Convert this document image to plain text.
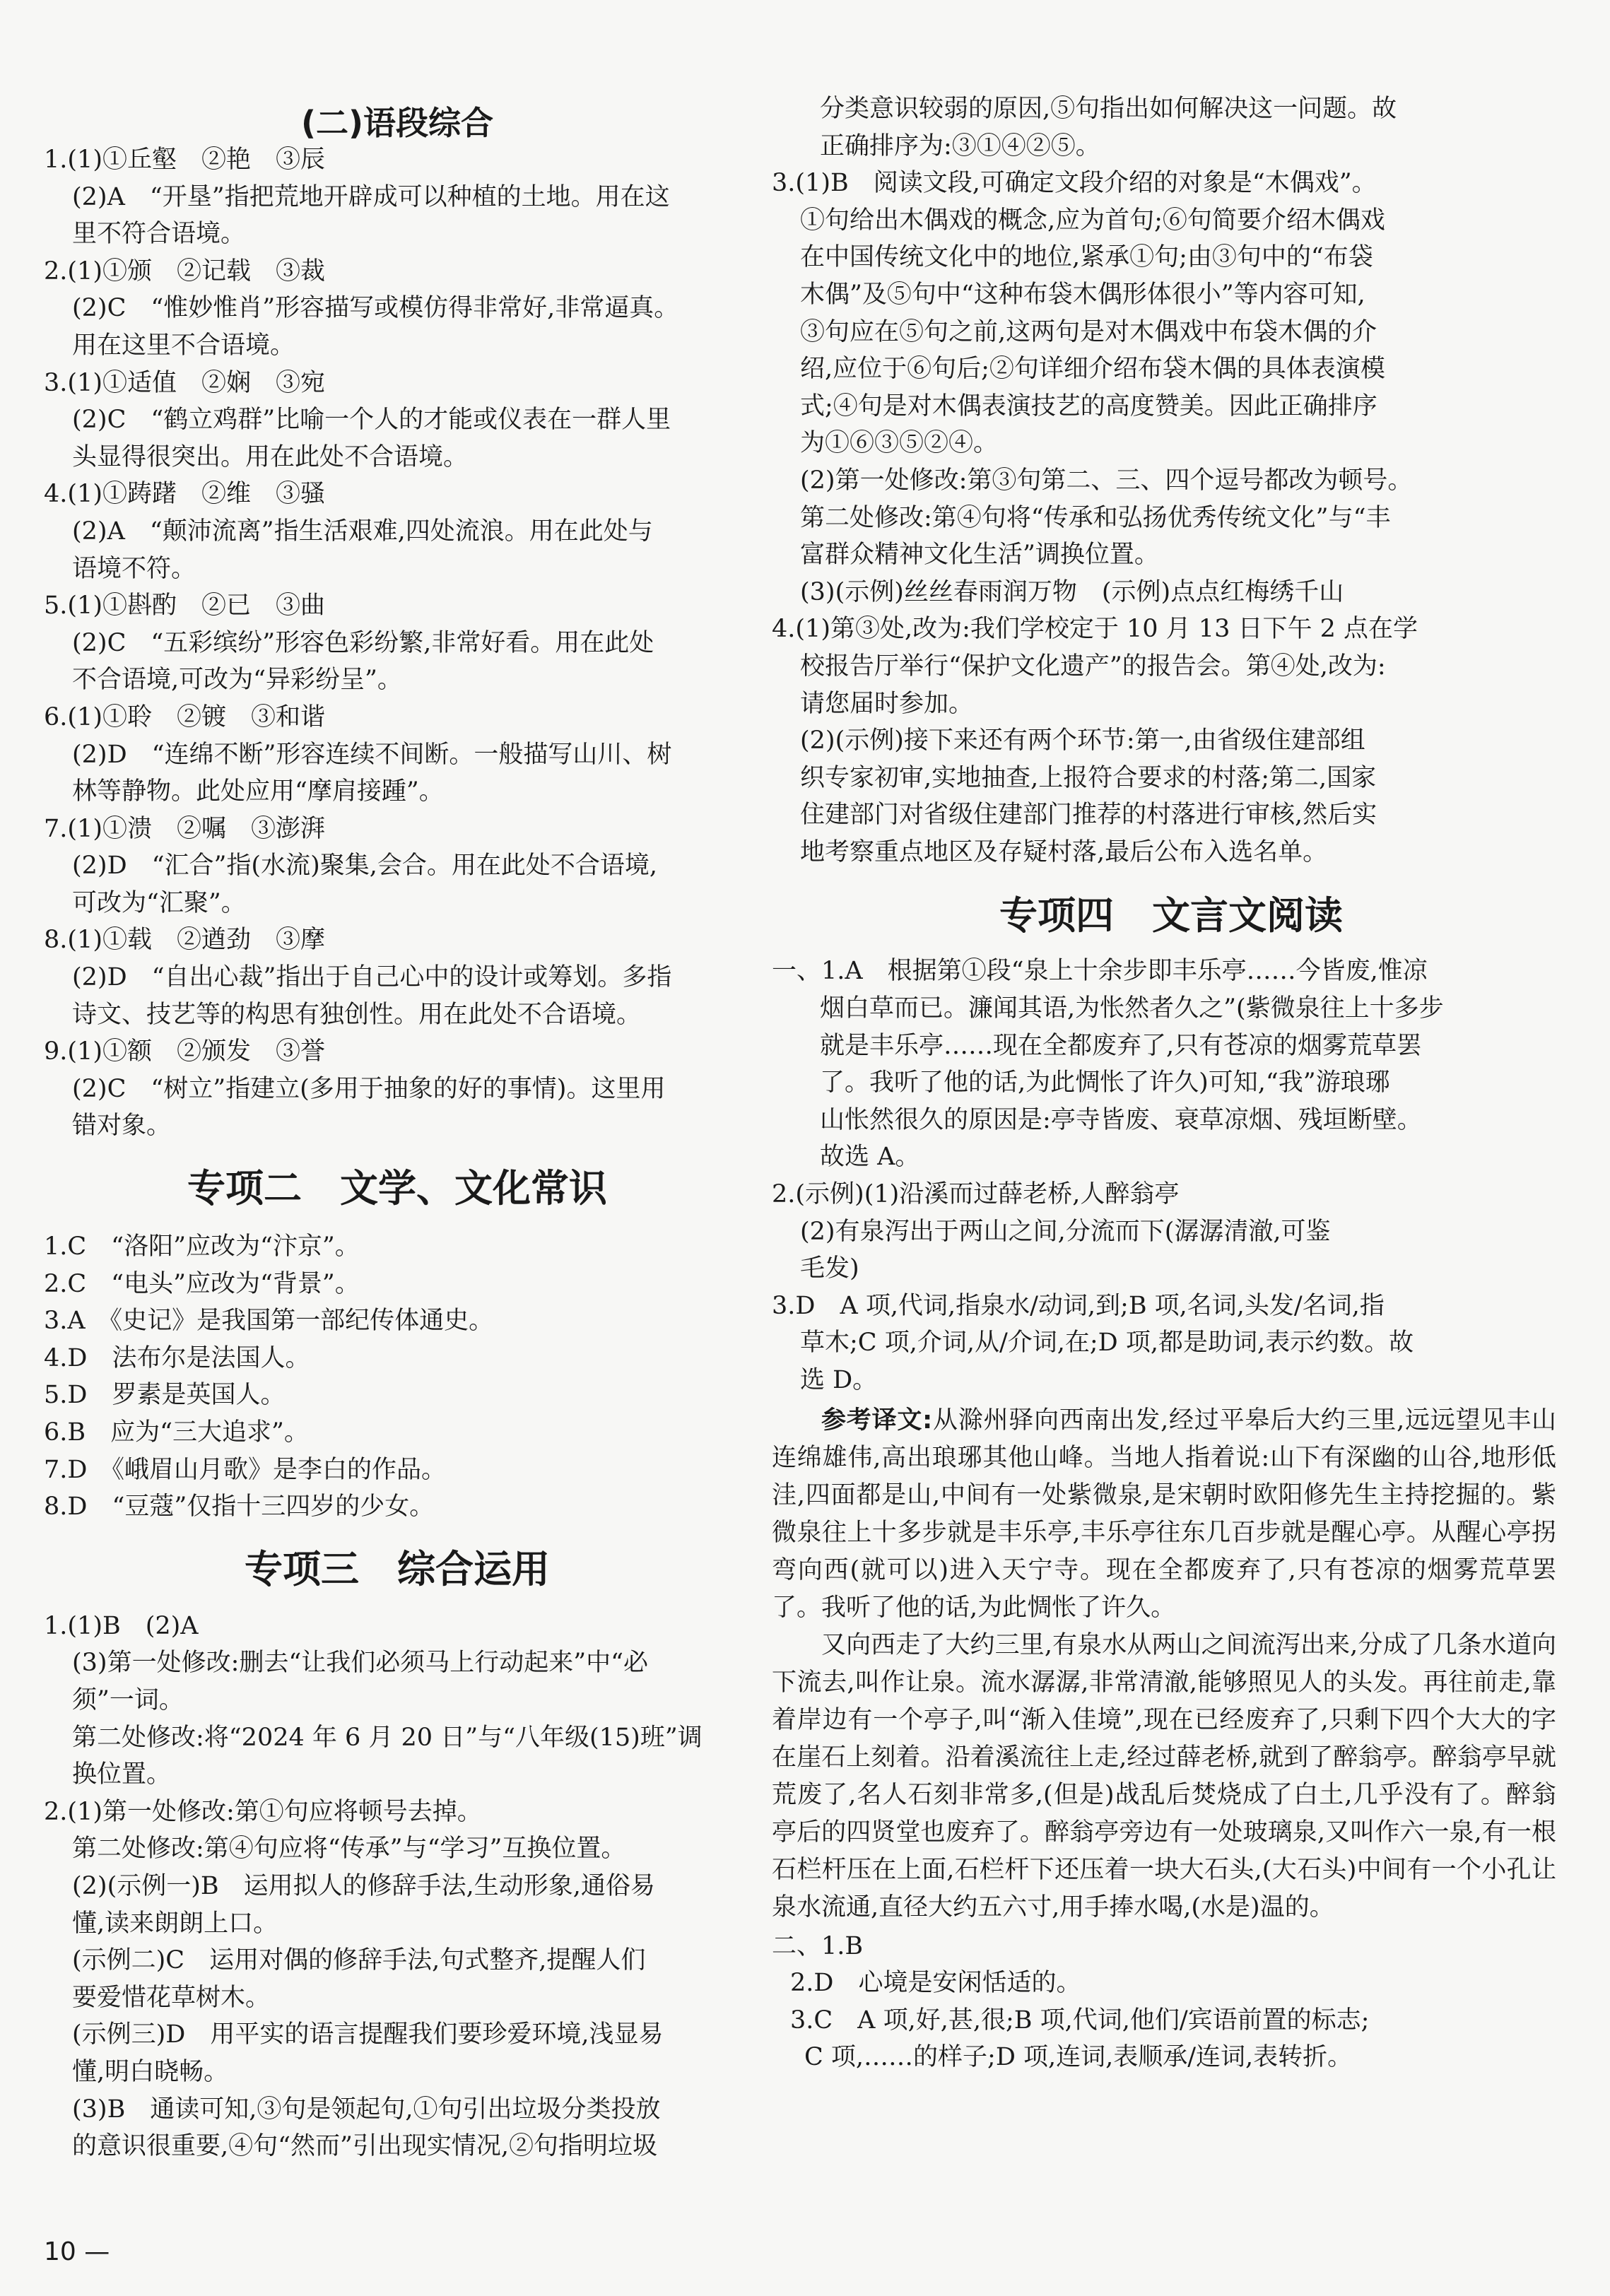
(二)语段综合
1.(1)①丘壑　②艳　③辰
(2)A　“开垦”指把荒地开辟成可以种植的土地。用在这
里不符合语境。
2.(1)①颁　②记载　③裁
(2)C　“惟妙惟肖”形容描写或模仿得非常好,非常逼真。
用在这里不合语境。
3.(1)①适值　②娴　③宛
(2)C　“鹤立鸡群”比喻一个人的才能或仪表在一群人里
头显得很突出。用在此处不合语境。
4.(1)①踌躇　②维　③骚
(2)A　“颠沛流离”指生活艰难,四处流浪。用在此处与
语境不符。
5.(1)①斟酌　②已　③曲
(2)C　“五彩缤纷”形容色彩纷繁,非常好看。用在此处
不合语境,可改为“异彩纷呈”。
6.(1)①聆　②镀　③和谐
(2)D　“连绵不断”形容连续不间断。一般描写山川、树
林等静物。此处应用“摩肩接踵”。
7.(1)①溃　②嘱　③澎湃
(2)D　“汇合”指(水流)聚集,会合。用在此处不合语境,
可改为“汇聚”。
8.(1)①载　②遒劲　③摩
(2)D　“自出心裁”指出于自己心中的设计或筹划。多指
诗文、技艺等的构思有独创性。用在此处不合语境。
9.(1)①额　②颁发　③誉
(2)C　“树立”指建立(多用于抽象的好的事情)。这里用
错对象。
专项二　文学、文化常识
1.C　“洛阳”应改为“汴京”。
2.C　“电头”应改为“背景”。
3.A　《史记》是我国第一部纪传体通史。
4.D　法布尔是法国人。
5.D　罗素是英国人。
6.B　应为“三大追求”。
7.D　《峨眉山月歌》是李白的作品。
8.D　“豆蔻”仅指十三四岁的少女。
专项三　综合运用
1.(1)B　(2)A
(3)第一处修改:删去“让我们必须马上行动起来”中“必
须”一词。
第二处修改:将“2024 年 6 月 20 日”与“八年级(15)班”调
换位置。
2.(1)第一处修改:第①句应将顿号去掉。
第二处修改:第④句应将“传承”与“学习”互换位置。
(2)(示例一)B　运用拟人的修辞手法,生动形象,通俗易
懂,读来朗朗上口。
(示例二)C　运用对偶的修辞手法,句式整齐,提醒人们
要爱惜花草树木。
(示例三)D　用平实的语言提醒我们要珍爱环境,浅显易
懂,明白晓畅。
(3)B　通读可知,③句是领起句,①句引出垃圾分类投放
的意识很重要,④句“然而”引出现实情况,②句指明垃圾
分类意识较弱的原因,⑤句指出如何解决这一问题。故
正确排序为:③①④②⑤。
3.(1)B　阅读文段,可确定文段介绍的对象是“木偶戏”。
①句给出木偶戏的概念,应为首句;⑥句简要介绍木偶戏
在中国传统文化中的地位,紧承①句;由③句中的“布袋
木偶”及⑤句中“这种布袋木偶形体很小”等内容可知,
③句应在⑤句之前,这两句是对木偶戏中布袋木偶的介
绍,应位于⑥句后;②句详细介绍布袋木偶的具体表演模
式;④句是对木偶表演技艺的高度赞美。因此正确排序
为①⑥③⑤②④。
(2)第一处修改:第③句第二、三、四个逗号都改为顿号。
第二处修改:第④句将“传承和弘扬优秀传统文化”与“丰
富群众精神文化生活”调换位置。
(3)(示例)丝丝春雨润万物　(示例)点点红梅绣千山
4.(1)第③处,改为:我们学校定于 10 月 13 日下午 2 点在学
校报告厅举行“保护文化遗产”的报告会。第④处,改为:
请您届时参加。
(2)(示例)接下来还有两个环节:第一,由省级住建部组
织专家初审,实地抽查,上报符合要求的村落;第二,国家
住建部门对省级住建部门推荐的村落进行审核,然后实
地考察重点地区及存疑村落,最后公布入选名单。
专项四　文言文阅读
一、1.A　根据第①段“泉上十余步即丰乐亭……今皆废,惟凉
烟白草而已。濂闻其语,为怅然者久之”(紫微泉往上十多步
就是丰乐亭……现在全都废弃了,只有苍凉的烟雾荒草罢
了。我听了他的话,为此惆怅了许久)可知,“我”游琅琊
山怅然很久的原因是:亭寺皆废、衰草凉烟、残垣断壁。
故选 A。
2.(示例)(1)沿溪而过薛老桥,人醉翁亭
(2)有泉泻出于两山之间,分流而下(潺潺清澈,可鉴
毛发)
3.D　A 项,代词,指泉水/动词,到;B 项,名词,头发/名词,指
草木;C 项,介词,从/介词,在;D 项,都是助词,表示约数。故
选 D。

参考译文:从滁州驿向西南出发,经过平皋后大约三里,远远望见丰山连绵雄伟,高出琅琊其他山峰。当地人指着说:山下有深幽的山谷,地形低洼,四面都是山,中间有一处紫微泉,是宋朝时欧阳修先生主持挖掘的。紫微泉往上十多步就是丰乐亭,丰乐亭往东几百步就是醒心亭。从醒心亭拐弯向西(就可以)进入天宁寺。现在全都废弃了,只有苍凉的烟雾荒草罢了。我听了他的话,为此惆怅了许久。

又向西走了大约三里,有泉水从两山之间流泻出来,分成了几条水道向下流去,叫作让泉。流水潺潺,非常清澈,能够照见人的头发。再往前走,靠着岸边有一个亭子,叫“渐入佳境”,现在已经废弃了,只剩下四个大大的字在崖石上刻着。沿着溪流往上走,经过薛老桥,就到了醉翁亭。醉翁亭早就荒废了,名人石刻非常多,(但是)战乱后焚烧成了白土,几乎没有了。醉翁亭后的四贤堂也废弃了。醉翁亭旁边有一处玻璃泉,又叫作六一泉,有一根石栏杆压在上面,石栏杆下还压着一块大石头,(大石头)中间有一个小孔让泉水流通,直径大约五六寸,用手捧水喝,(水是)温的。

二、1.B
2.D　心境是安闲恬适的。
3.C　A 项,好,甚,很;B 项,代词,他们/宾语前置的标志;
C 项,……的样子;D 项,连词,表顺承/连词,表转折。
10 —
